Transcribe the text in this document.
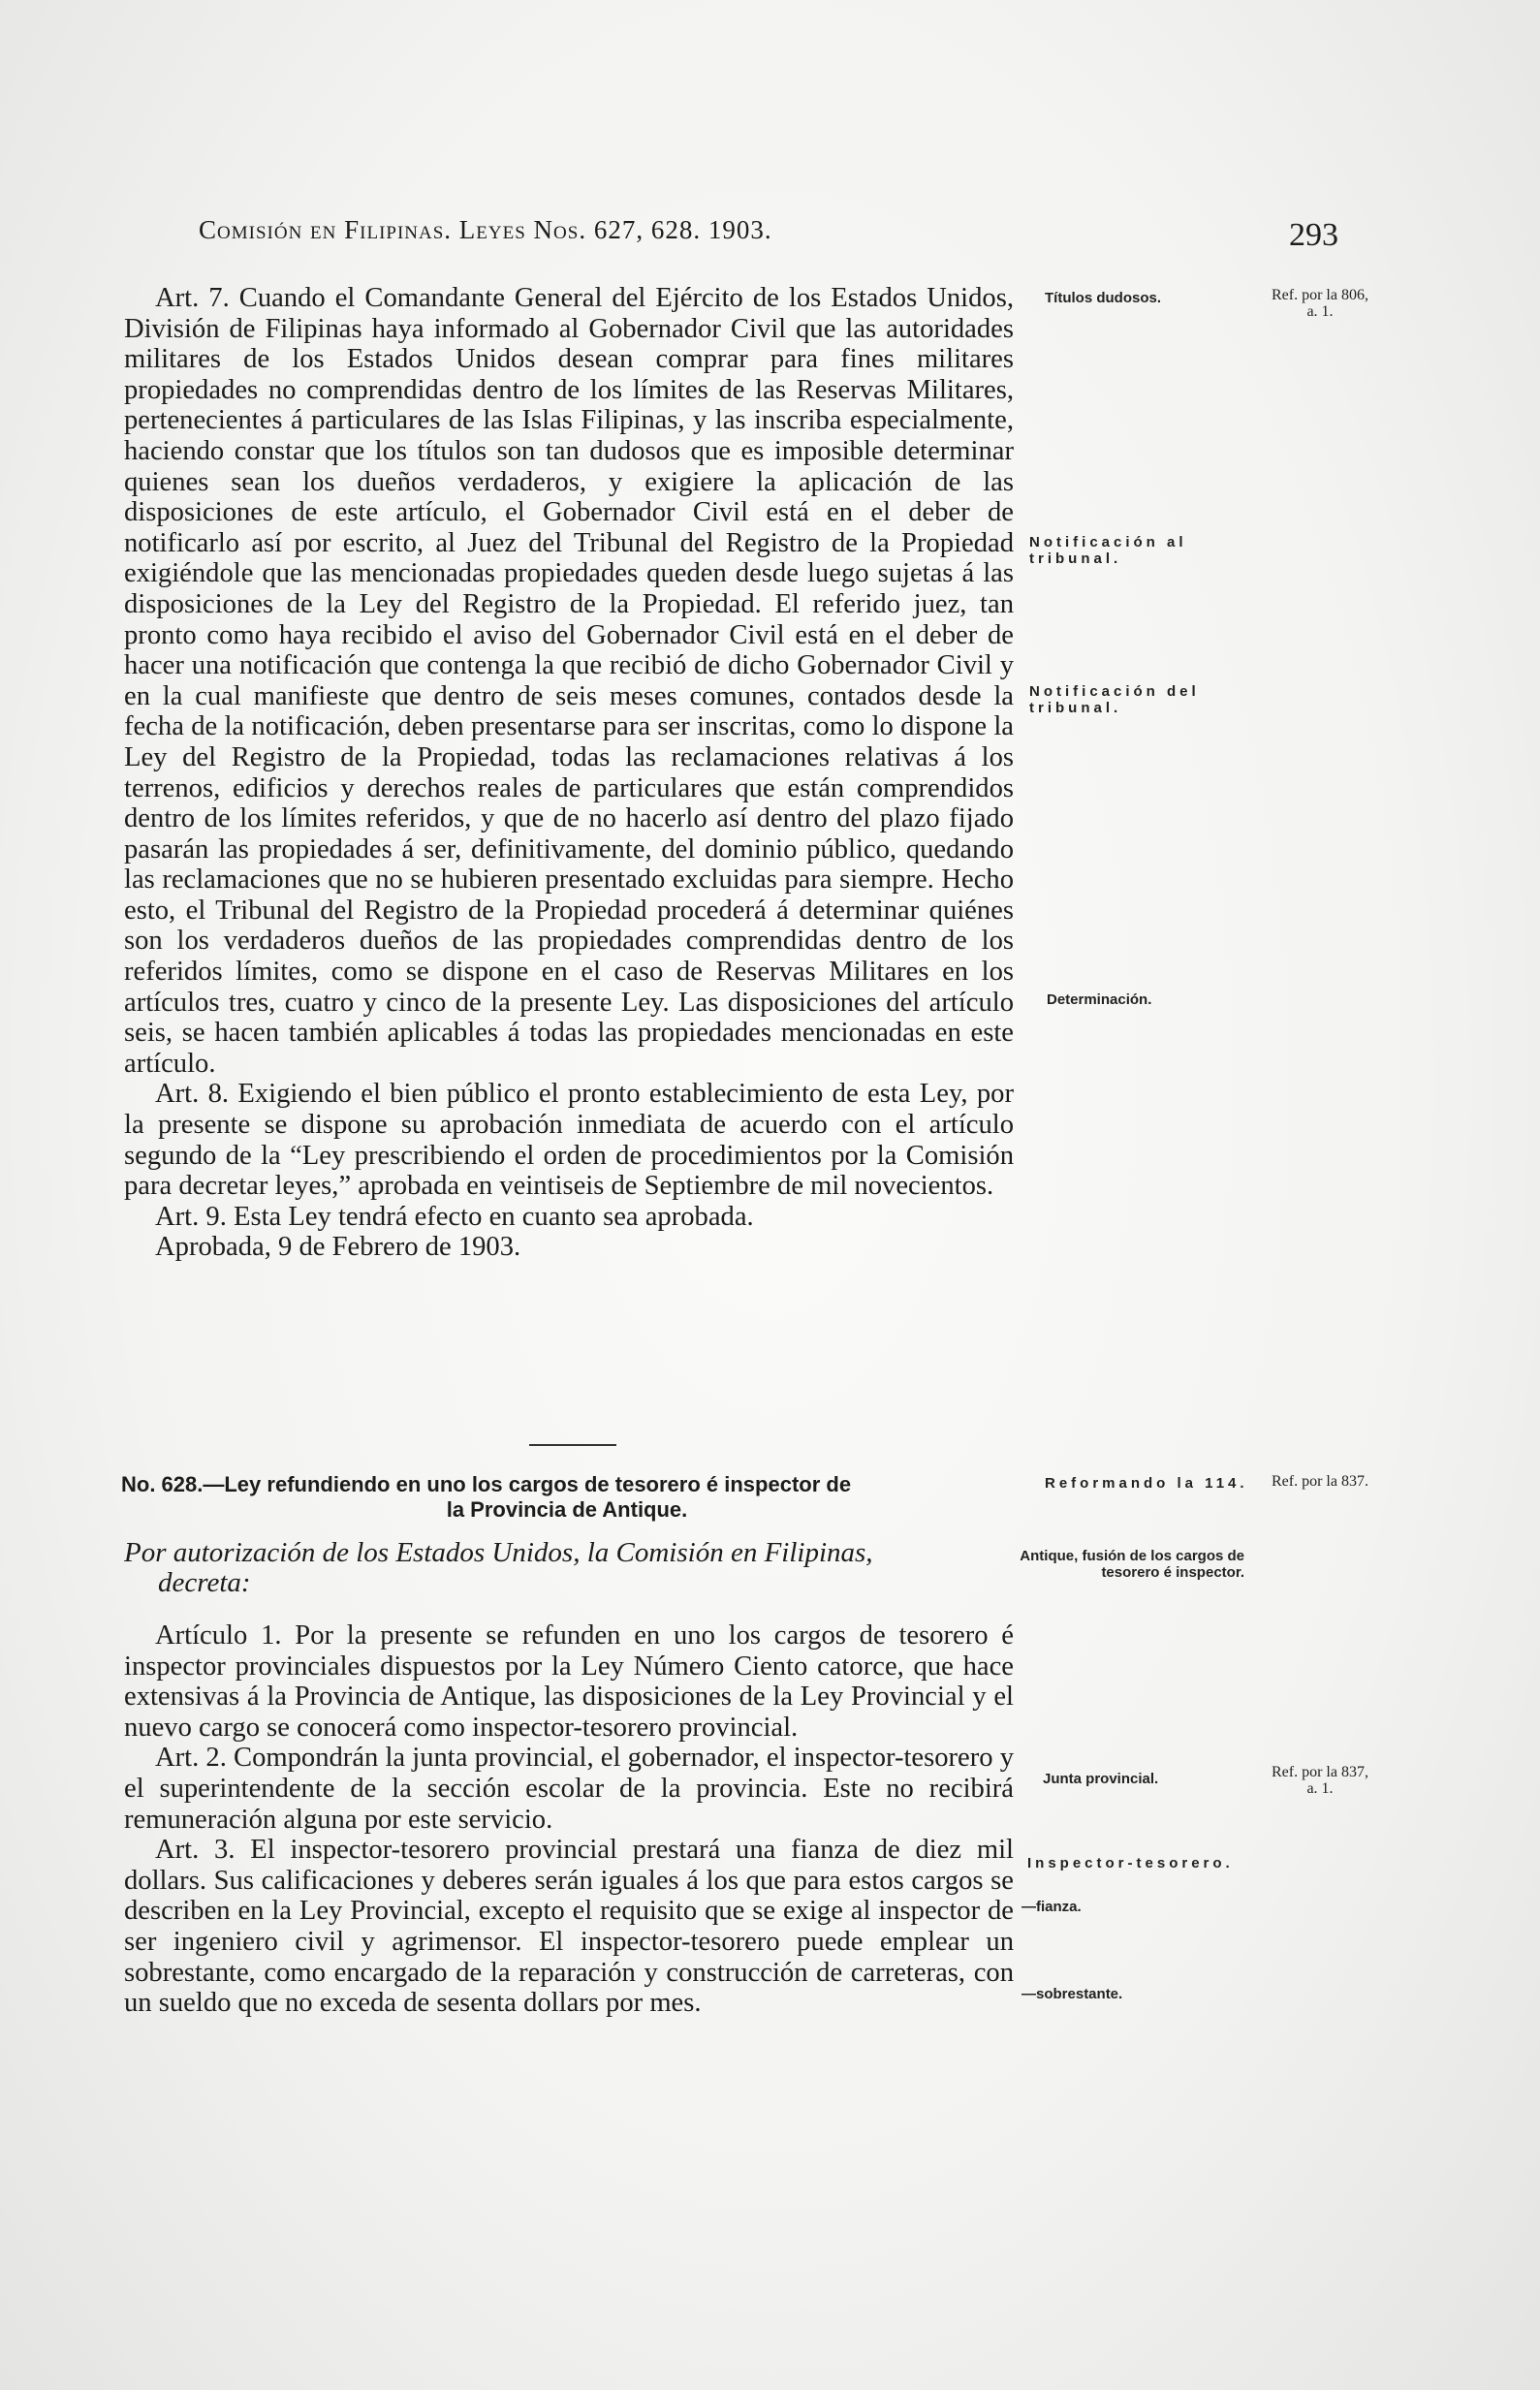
Comisión en Filipinas. Leyes Nos. 627, 628. 1903.	293

Art. 7. Cuando el Comandante General del Ejército de los Estados Unidos, División de Filipinas haya informado al Gobernador Civil que las autoridades militares de los Estados Unidos desean comprar para fines militares propiedades no comprendidas dentro de los límites de las Reservas Militares, pertenecientes á particulares de las Islas Filipinas, y las inscriba especialmente, haciendo constar que los títulos son tan dudosos que es imposible determinar quienes sean los dueños verdaderos, y exigiere la aplicación de las disposiciones de este artículo, el Gobernador Civil está en el deber de notificarlo así por escrito, al Juez del Tribunal del Registro de la Propiedad exigiéndole que las mencionadas propiedades queden desde luego sujetas á las disposiciones de la Ley del Registro de la Propiedad. El referido juez, tan pronto como haya recibido el aviso del Gobernador Civil está en el deber de hacer una notificación que contenga la que recibió de dicho Gobernador Civil y en la cual manifieste que dentro de seis meses comunes, contados desde la fecha de la notificación, deben presentarse para ser inscritas, como lo dispone la Ley del Registro de la Propiedad, todas las reclamaciones relativas á los terrenos, edificios y derechos reales de particulares que están comprendidos dentro de los límites referidos, y que de no hacerlo así dentro del plazo fijado pasarán las propiedades á ser, definitivamente, del dominio público, quedando las reclamaciones que no se hubieren presentado excluidas para siempre. Hecho esto, el Tribunal del Registro de la Propiedad procederá á determinar quiénes son los verdaderos dueños de las propiedades comprendidas dentro de los referidos límites, como se dispone en el caso de Reservas Militares en los artículos tres, cuatro y cinco de la presente Ley. Las disposiciones del artículo seis, se hacen también aplicables á todas las propiedades mencionadas en este artículo.

Art. 8. Exigiendo el bien público el pronto establecimiento de esta Ley, por la presente se dispone su aprobación inmediata de acuerdo con el artículo segundo de la “Ley prescribiendo el orden de procedimientos por la Comisión para decretar leyes,” aprobada en veintiseis de Septiembre de mil novecientos.

Art. 9. Esta Ley tendrá efecto en cuanto sea aprobada.

Aprobada, 9 de Febrero de 1903.

No. 628.—Ley refundiendo en uno los cargos de tesorero é inspector de
la Provincia de Antique.
Por autorización de los Estados Unidos, la Comisión en Filipinas,
decreta:

Artículo 1. Por la presente se refunden en uno los cargos de tesorero é inspector provinciales dispuestos por la Ley Número Ciento catorce, que hace extensivas á la Provincia de Antique, las disposiciones de la Ley Provincial y el nuevo cargo se conocerá como inspector-tesorero provincial.

Art. 2. Compondrán la junta provincial, el gobernador, el inspector-tesorero y el superintendente de la sección escolar de la provincia. Este no recibirá remuneración alguna por este servicio.

Art. 3. El inspector-tesorero provincial prestará una fianza de diez mil dollars. Sus calificaciones y deberes serán iguales á los que para estos cargos se describen en la Ley Provincial, excepto el requisito que se exige al inspector de ser ingeniero civil y agrimensor. El inspector-tesorero puede emplear un sobrestante, como encargado de la reparación y construcción de carreteras, con un sueldo que no exceda de sesenta dollars por mes.

Títulos dudosos.	Ref. por la 806, a. 1.
Notificación al tribunal.
Notificación del tribunal.
Determinación.
Reformando la 114.	Ref. por la 837.
Antique, fusión de los cargos de tesorero é inspector.
Junta provincial.	Ref. por la 837, a. 1.
Inspector-tesorero.
—fianza.
—sobrestante.
